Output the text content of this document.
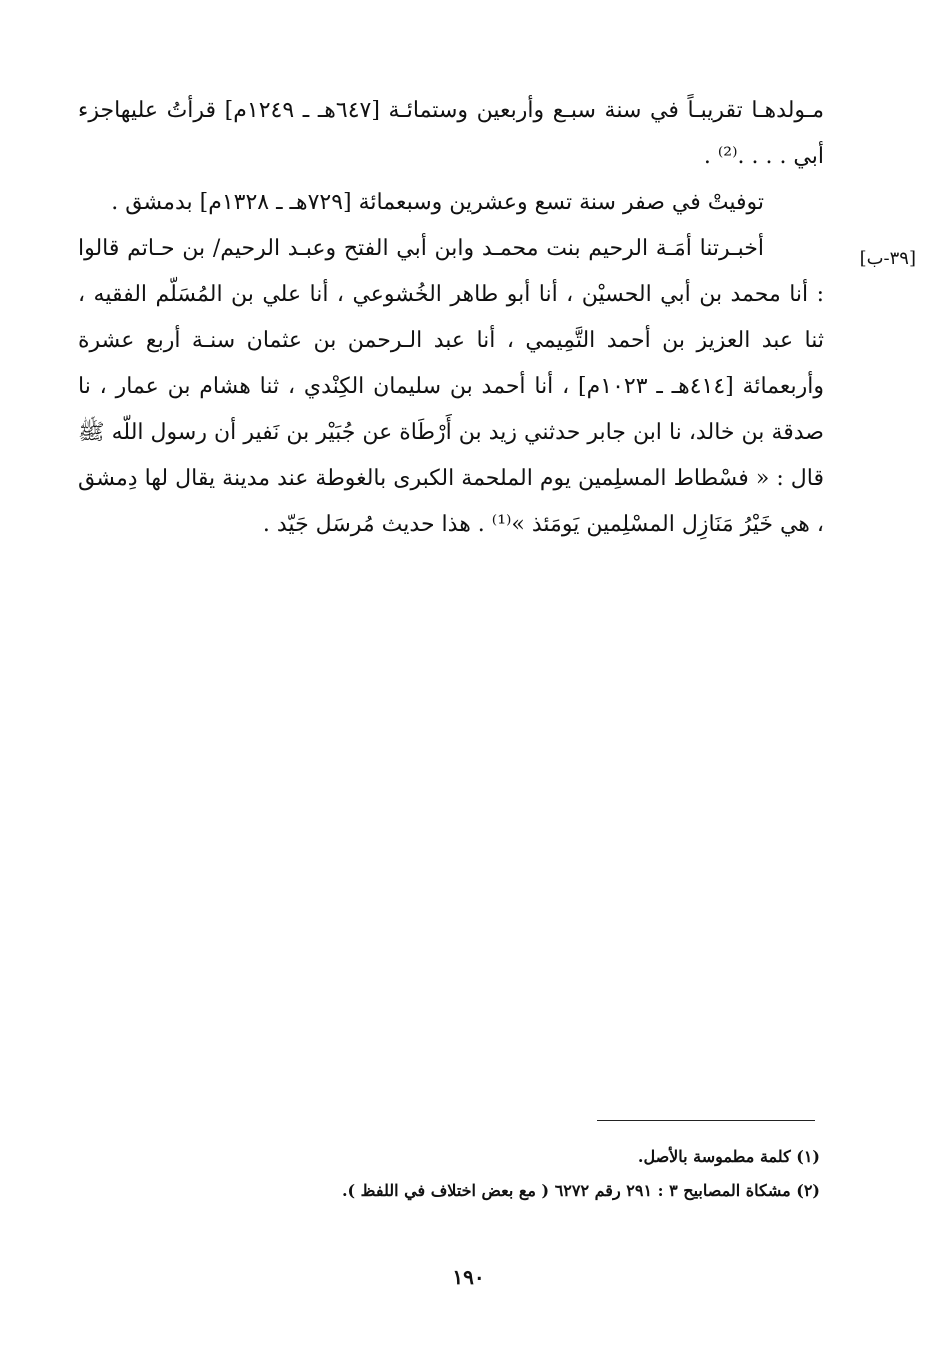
مـولدهـا تقريبـاً في سنة سبـع وأربعين وستمائـة [٦٤٧هـ ـ ١٢٤٩م] قرأتُ عليهاجزء أبي . . . .⁽²⁾ .

توفيتْ في صفر سنة تسع وعشرين وسبعمائة [٧٢٩هـ ـ ١٣٢٨م] بدمشق .

أخبـرتنا أمَـة الرحيم بنت محمـد وابن أبي الفتح وعبـد الرحيم/ بن حـاتم قالوا : أنا محمد بن أبي الحسيْن ، أنا أبو طاهر الخُشوعي ، أنا علي بن المُسَلّم الفقيه ، ثنا عبد العزيز بن أحمد التَّمِيمي ، أنا عبد الـرحمن بن عثمان سنـة أربع عشرة وأربعمائة [٤١٤هـ ـ ١٠٢٣م] ، أنا أحمد بن سليمان الكِنْدي ، ثنا هشام بن عمار ، نا صدقة بن خالد، نا ابن جابر حدثني زيد بن أَرْطَاة عن جُبَيْر بن نَفير أن رسول اللّه ﷺ قال : « فسْطاط المسلِمين يوم الملحمة الكبرى بالغوطة عند مدينة يقال لها دِمشق ، هي خَيْرُ مَنَازِل المسْلِمين يَومَئذ »⁽¹⁾ . هذا حديث مُرسَل جَيّد .

[٣٩-ب]

(١) كلمة مطموسة بالأصل.

(٢) مشكاة المصابيح ٣ : ٢٩١ رقم ٦٢٧٢ ( مع بعض اختلاف في اللفظ ).

١٩٠
